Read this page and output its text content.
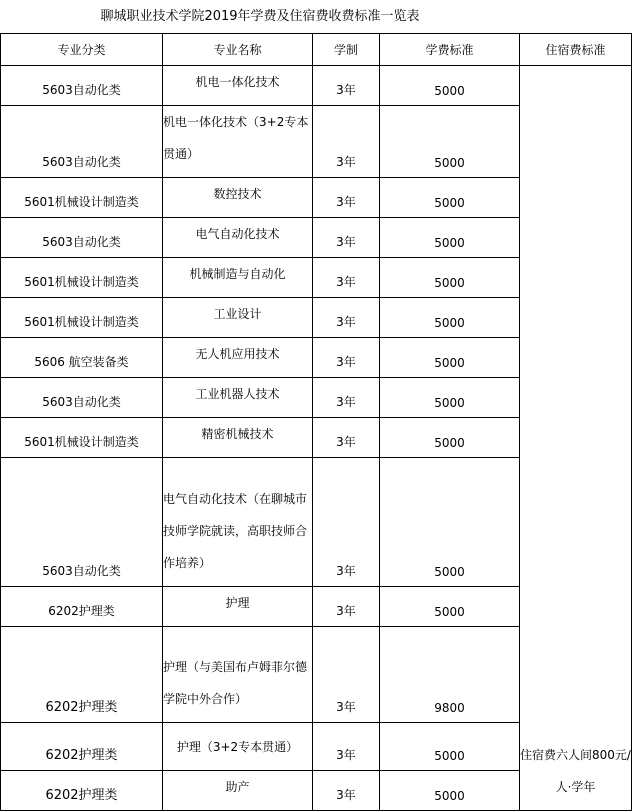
聊城职业技术学院2019年学费及住宿费收费标准一览表
专业分类	专业名称	学制	学费标准	住宿费标准
5603自动化类	机电一体化技术	3年	5000	住宿费六人间800元/人·学年
5603自动化类	机电一体化技术（3+2专本贯通）	3年	5000	
5601机械设计制造类	数控技术	3年	5000	
5603自动化类	电气自动化技术	3年	5000	
5601机械设计制造类	机械制造与自动化	3年	5000	
5601机械设计制造类	工业设计	3年	5000	
5606 航空装备类	无人机应用技术	3年	5000	
5603自动化类	工业机器人技术	3年	5000	
5601机械设计制造类	精密机械技术	3年	5000	
5603自动化类	电气自动化技术（在聊城市技师学院就读，高职技师合作培养）	3年	5000	
6202护理类	护理	3年	5000	
6202护理类	护理（与美国布卢姆菲尔德学院中外合作）	3年	9800	
6202护理类	护理（3+2专本贯通）	3年	5000	
6202护理类	助产	3年	5000	
